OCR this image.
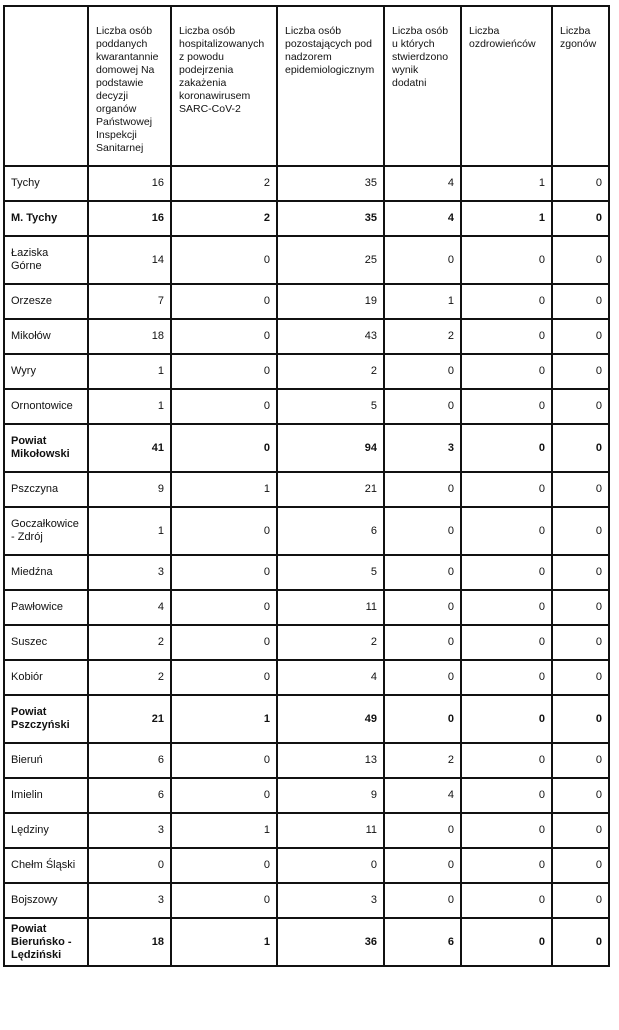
	Liczba osób poddanych kwarantannie domowej Na podstawie decyzji organów Państwowej Inspekcji Sanitarnej	Liczba osób hospitalizowanych z powodu podejrzenia zakażenia koronawirusem SARC-CoV-2	Liczba osób pozostających pod nadzorem epidemiologicznym	Liczba osób u których stwierdzono wynik dodatni	Liczba ozdrowieńców	Liczba zgonów
Tychy	16	2	35	4	1	0
M. Tychy	16	2	35	4	1	0
Łaziska Górne	14	0	25	0	0	0
Orzesze	7	0	19	1	0	0
Mikołów	18	0	43	2	0	0
Wyry	1	0	2	0	0	0
Ornontowice	1	0	5	0	0	0
Powiat Mikołowski	41	0	94	3	0	0
Pszczyna	9	1	21	0	0	0
Goczałkowice - Zdrój	1	0	6	0	0	0
Miedźna	3	0	5	0	0	0
Pawłowice	4	0	11	0	0	0
Suszec	2	0	2	0	0	0
Kobiór	2	0	4	0	0	0
Powiat Pszczyński	21	1	49	0	0	0
Bieruń	6	0	13	2	0	0
Imielin	6	0	9	4	0	0
Lędziny	3	1	11	0	0	0
Chełm Śląski	0	0	0	0	0	0
Bojszowy	3	0	3	0	0	0
Powiat Bieruńsko - Lędziński	18	1	36	6	0	0
